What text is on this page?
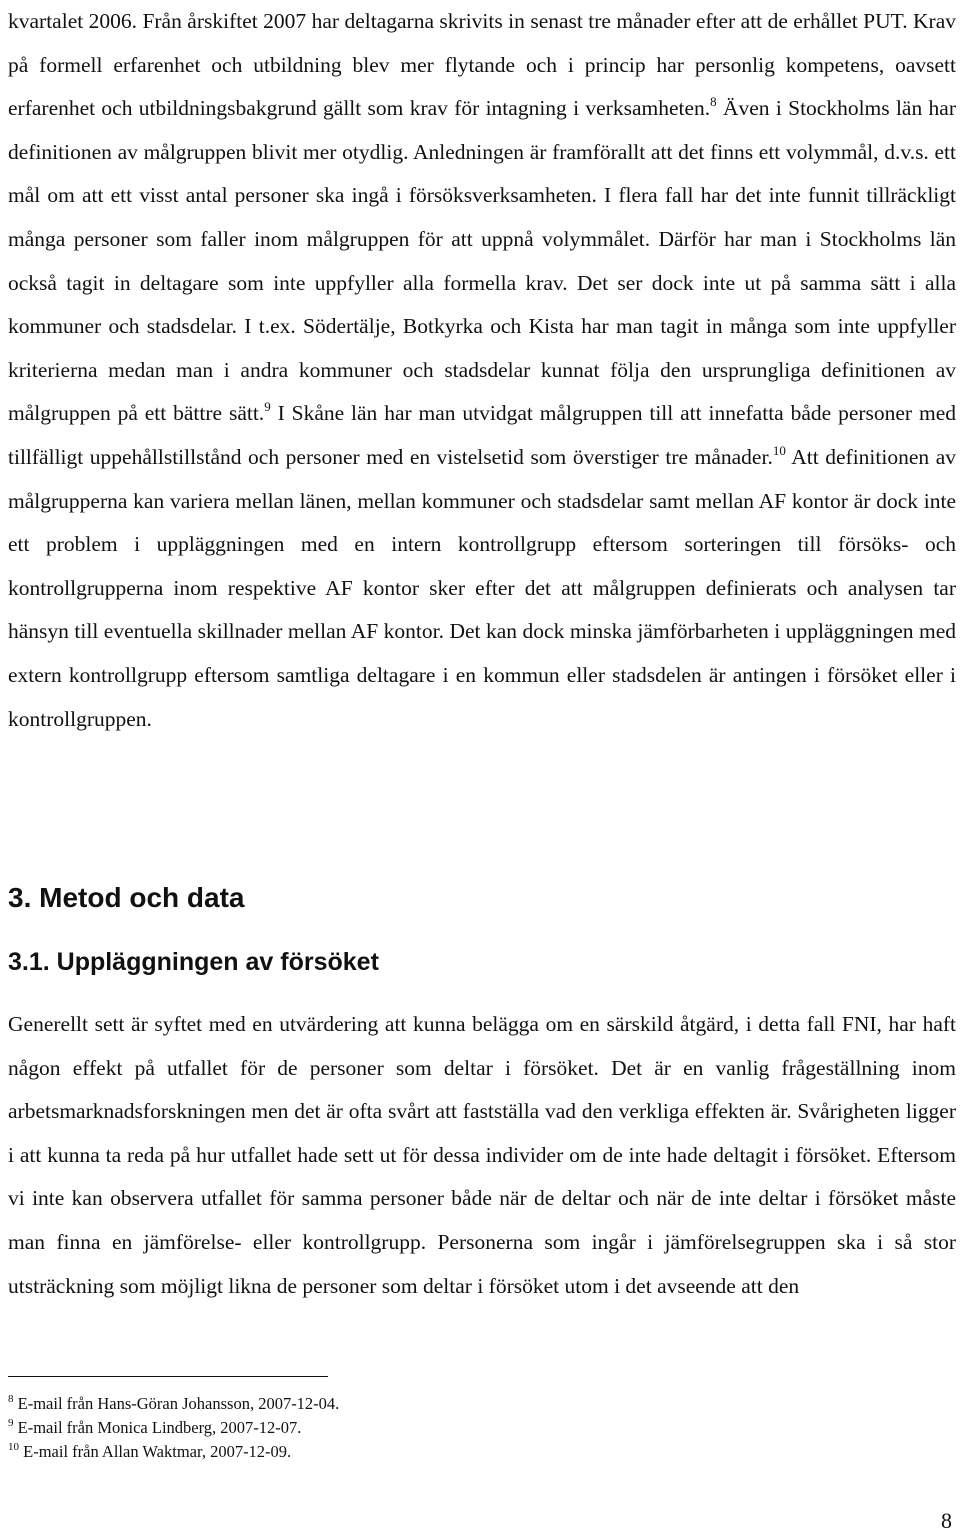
kvartalet 2006. Från årskiftet 2007 har deltagarna skrivits in senast tre månader efter att de erhållet PUT. Krav på formell erfarenhet och utbildning blev mer flytande och i princip har personlig kompetens, oavsett erfarenhet och utbildningsbakgrund gällt som krav för intagning i verksamheten.$^8$ Även i Stockholms län har definitionen av målgruppen blivit mer otydlig. Anledningen är framförallt att det finns ett volymmål, d.v.s. ett mål om att ett visst antal personer ska ingå i försöksverksamheten. I flera fall har det inte funnit tillräckligt många personer som faller inom målgruppen för att uppnå volymmålet. Därför har man i Stockholms län också tagit in deltagare som inte uppfyller alla formella krav. Det ser dock inte ut på samma sätt i alla kommuner och stadsdelar. I t.ex. Södertälje, Botkyrka och Kista har man tagit in många som inte uppfyller kriterierna medan man i andra kommuner och stadsdelar kunnat följa den ursprungliga definitionen av målgruppen på ett bättre sätt.$^9$ I Skåne län har man utvidgat målgruppen till att innefatta både personer med tillfälligt uppehållstillstånd och personer med en vistelsetid som överstiger tre månader.$^{10}$ Att definitionen av målgrupperna kan variera mellan länen, mellan kommuner och stadsdelar samt mellan AF kontor är dock inte ett problem i uppläggningen med en intern kontrollgrupp eftersom sorteringen till försöks- och kontrollgrupperna inom respektive AF kontor sker efter det att målgruppen definierats och analysen tar hänsyn till eventuella skillnader mellan AF kontor. Det kan dock minska jämförbarheten i uppläggningen med extern kontrollgrupp eftersom samtliga deltagare i en kommun eller stadsdelen är antingen i försöket eller i kontrollgruppen.

3. Metod och data
3.1. Uppläggningen av försöket

Generellt sett är syftet med en utvärdering att kunna belägga om en särskild åtgärd, i detta fall FNI, har haft någon effekt på utfallet för de personer som deltar i försöket. Det är en vanlig frågeställning inom arbetsmarknadsforskningen men det är ofta svårt att fastställa vad den verkliga effekten är. Svårigheten ligger i att kunna ta reda på hur utfallet hade sett ut för dessa individer om de inte hade deltagit i försöket. Eftersom vi inte kan observera utfallet för samma personer både när de deltar och när de inte deltar i försöket måste man finna en jämförelse- eller kontrollgrupp. Personerna som ingår i jämförelsegruppen ska i så stor utsträckning som möjligt likna de personer som deltar i försöket utom i det avseende att den

$^8$ E-mail från Hans-Göran Johansson, 2007-12-04.

$^9$ E-mail från Monica Lindberg, 2007-12-07.

$^{10}$ E-mail från Allan Waktmar, 2007-12-09.

8
